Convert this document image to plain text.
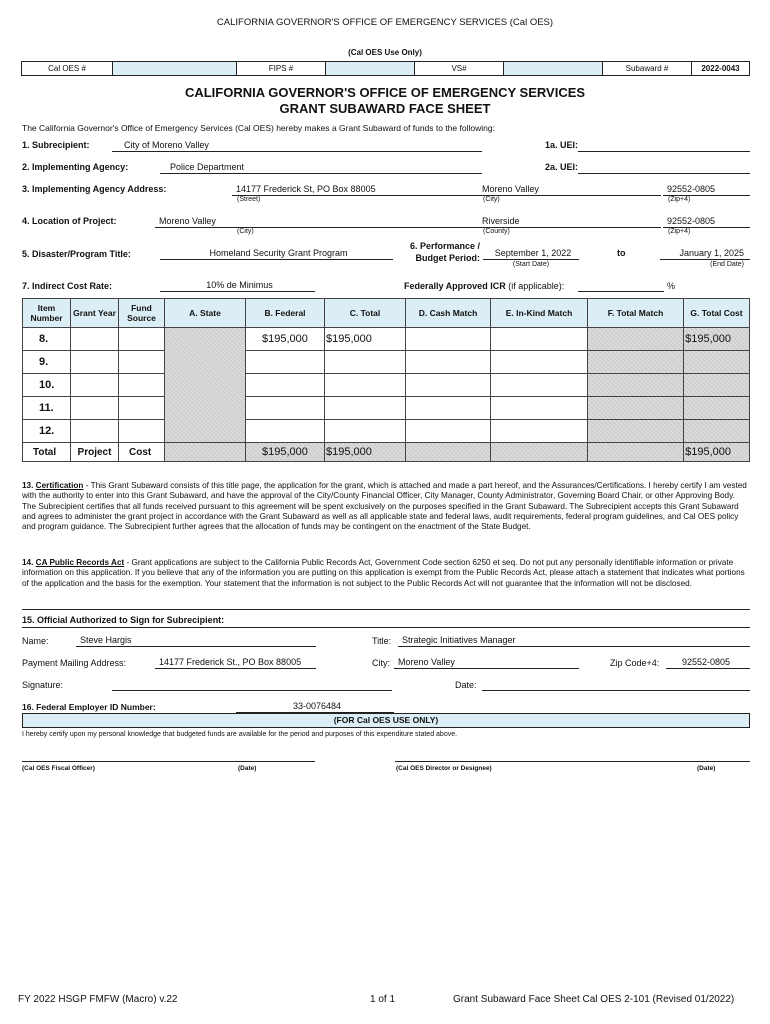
CALIFORNIA GOVERNOR'S OFFICE OF EMERGENCY SERVICES (Cal OES)
(Cal OES Use Only)
Cal OES #		FIPS #		VS#		Subaward #	2022-0043
CALIFORNIA GOVERNOR'S OFFICE OF EMERGENCY SERVICES
GRANT SUBAWARD FACE SHEET
The California Governor's Office of Emergency Services (Cal OES) hereby makes a Grant Subaward of funds to the following:
1. Subrecipient:	City of Moreno Valley	1a. UEI:
2. Implementing Agency:	Police Department	2a. UEI:
3. Implementing Agency Address:	14177 Frederick St, PO Box 88005
(Street)
Moreno Valley
(City)
92552-0805
(Zip+4)
4. Location of Project:	Moreno Valley
(City)
Riverside
(County)
92552-0805
(Zip+4)
5. Disaster/Program Title:	Homeland Security Grant Program
6. Performance /
Budget Period:	September 1, 2022
(Start Date)
to	January 1, 2025
(End Date)
7. Indirect Cost Rate:	10% de Minimus	Federally Approved ICR (if applicable):	%
Item Number	Grant Year	Fund Source	A. State	B. Federal	C. Total	D. Cash Match	E. In-Kind Match	F. Total Match	G. Total Cost
8.				$195,000	$195,000				$195,000
9.									
10.									
11.									
12.									
Total	Project	Cost		$195,000	$195,000				$195,000
13. Certification - This Grant Subaward consists of this title page, the application for the grant, which is attached and made a part hereof, and the Assurances/Certifications. I hereby certify I am vested with the authority to enter into this Grant Subaward, and have the approval of the City/County Financial Officer, City Manager, County Administrator, Governing Board Chair, or other Approving Body. The Subrecipient certifies that all funds received pursuant to this agreement will be spent exclusively on the purposes specified in the Grant Subaward. The Subrecipient accepts this Grant Subaward and agrees to administer the grant project in accordance with the Grant Subaward as well as all applicable state and federal laws, audit requirements, federal program guidelines, and Cal OES policy and program guidance. The Subrecipient further agrees that the allocation of funds may be contingent on the enactment of the State Budget.
14. CA Public Records Act - Grant applications are subject to the California Public Records Act, Government Code section 6250 et seq. Do not put any personally identifiable information or private information on this application. If you believe that any of the information you are putting on this application is exempt from the Public Records Act, please attach a statement that indicates what portions of the application and the basis for the exemption. Your statement that the information is not subject to the Public Records Act will not guarantee that the information will not be disclosed.
15. Official Authorized to Sign for Subrecipient:
Name:	Steve Hargis	Title:	Strategic Initiatives Manager
Payment Mailing Address:	14177 Frederick St., PO Box 88005	City: Moreno Valley	Zip Code+4:	92552-0805
Signature:	Date:
16. Federal Employer ID Number:	33-0076484
(FOR Cal OES USE ONLY)
I hereby certify upon my personal knowledge that budgeted funds are available for the period and purposes of this expenditure stated above.
(Cal OES Fiscal Officer)	(Date)	(Cal OES Director or Designee)	(Date)
FY 2022 HSGP FMFW (Macro) v.22	1 of 1	Grant Subaward Face Sheet Cal OES 2-101 (Revised 01/2022)
